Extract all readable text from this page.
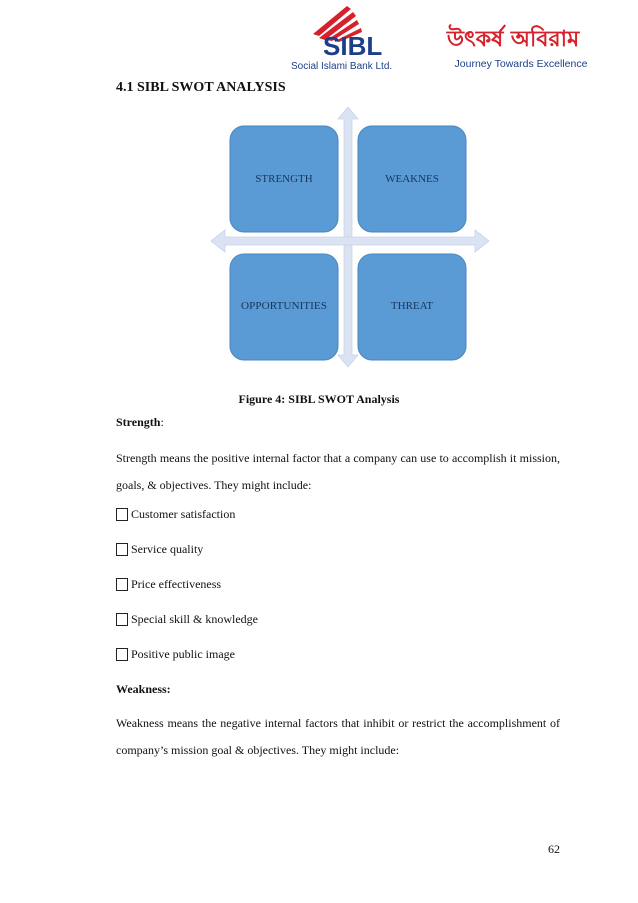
SIBL
Social Islami Bank Ltd.
উৎকর্ষ অবিরাম
Journey Towards Excellence
4.1 SIBL SWOT ANALYSIS
STRENGTH	WEAKNES
OPPORTUNITIES	THREAT
Figure 4: SIBL SWOT Analysis
Strength:

Strength means the positive internal factor that a company can use to accomplish it mission, goals, & objectives. They might include:

Customer satisfaction
Service quality
Price effectiveness
Special skill & knowledge
Positive public image
Weakness:

Weakness means the negative internal factors that inhibit or restrict the accomplishment of company’s mission goal & objectives. They might include:

62
